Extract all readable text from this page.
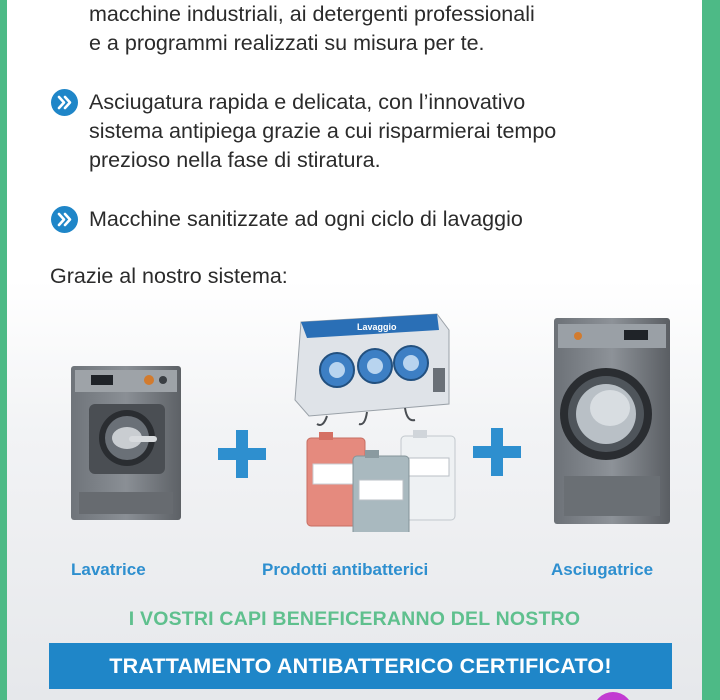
macchine industriali, ai detergenti professionali
e a programmi realizzati su misura per te.
Asciugatura rapida e delicata, con l’innovativo
sistema antipiega grazie a cui risparmierai tempo
prezioso nella fase di stiratura.
Macchine sanitizzate ad ogni ciclo di lavaggio
Grazie al nostro sistema:
Lavaggio
Lavatrice	Prodotti antibatterici	Asciugatrice
I VOSTRI CAPI BENEFICERANNO DEL NOSTRO
TRATTAMENTO ANTIBATTERICO CERTIFICATO!
